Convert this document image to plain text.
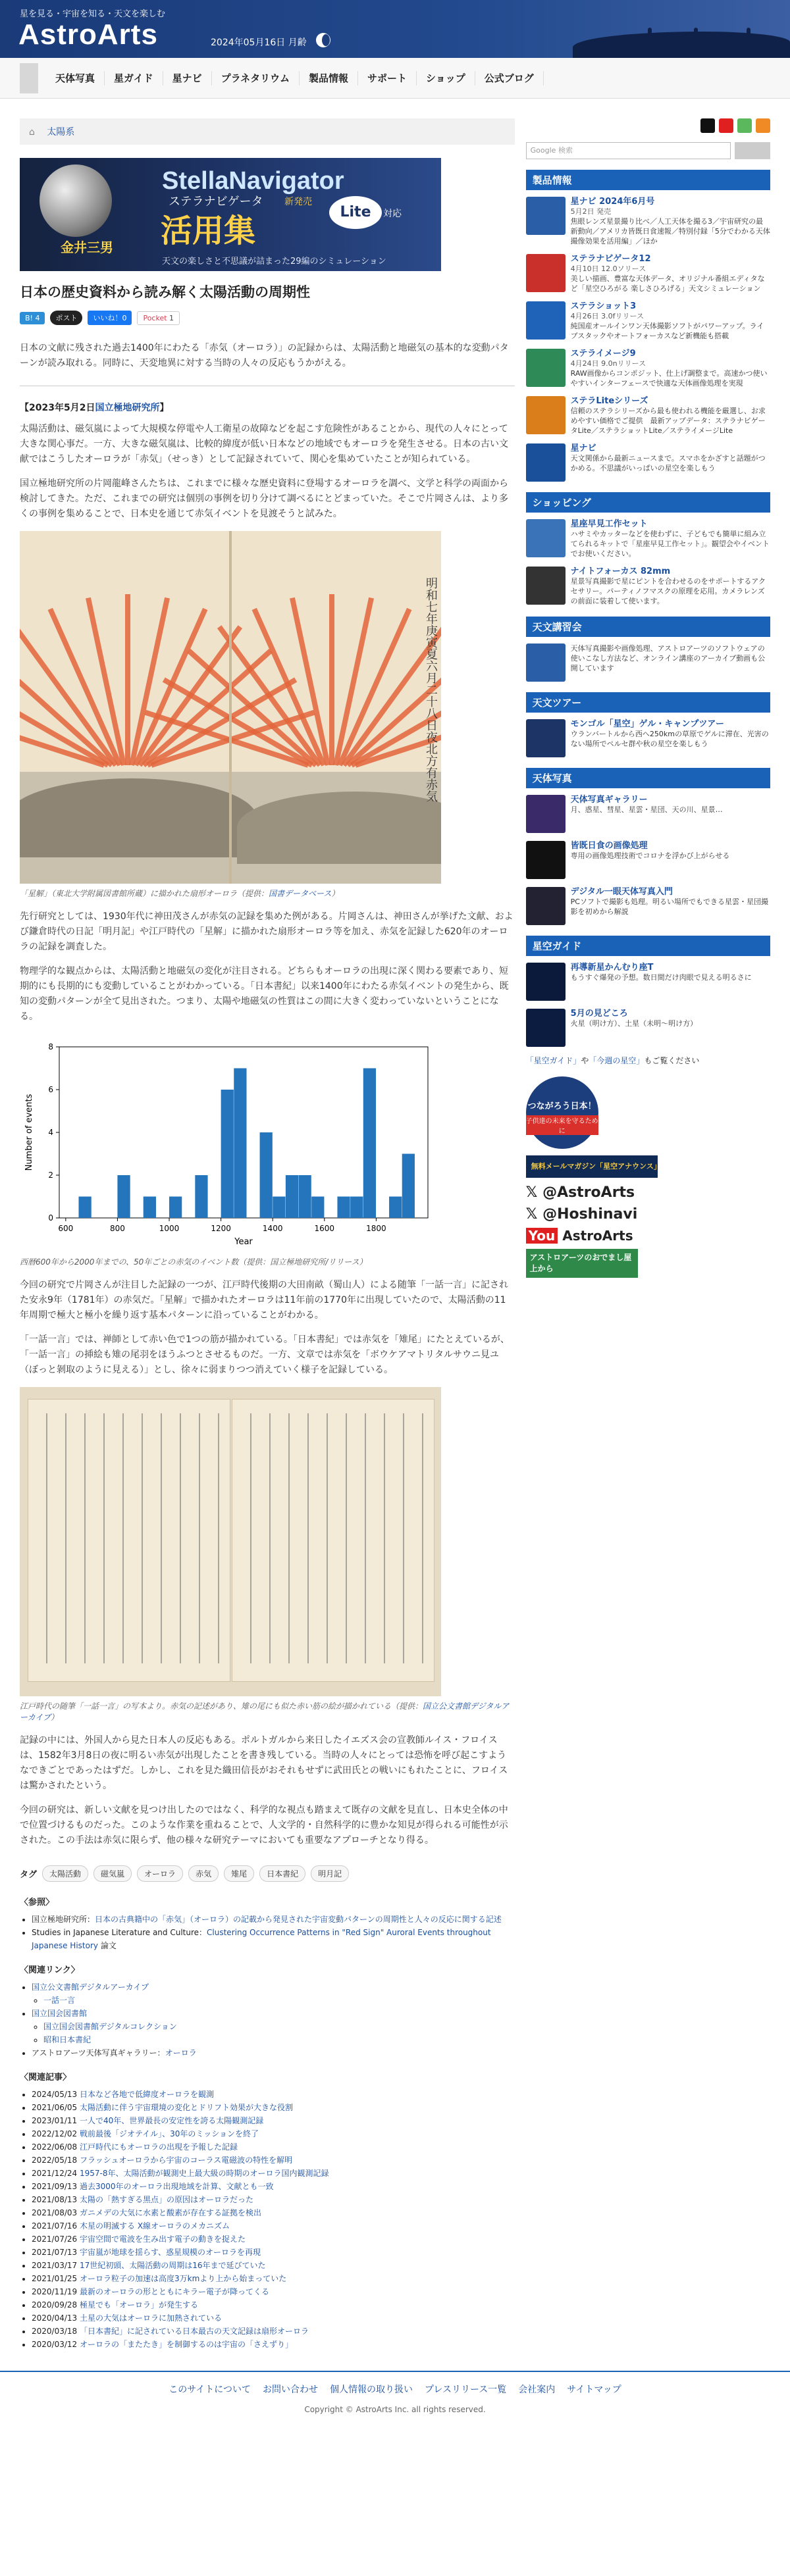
星を見る・宇宙を知る・天文を楽しむ
AstroArts	2024年05月16日 月齢
天体写真	星ガイド	星ナビ	プラネタリウム	製品情報	サポート	ショップ	公式ブログ
⌂ 太陽系
金井三男
StellaNavigator
ステラナビゲータ
活用集
新発売
Lite	対応
天文の楽しさと不思議が詰まった29編のシミュレーション
日本の歴史資料から読み解く太陽活動の周期性
B! 4	ポスト	いいね！0	Pocket 1
日本の文献に残された過去1400年にわたる「赤気（オーロラ）」の記録からは、太陽活動と地磁気の基本的な変動パターンが読み取れる。同時に、天変地異に対する当時の人々の反応もうかがえる。
【2023年5月2日国立極地研究所】

太陽活動は、磁気嵐によって大規模な停電や人工衛星の故障などを起こす危険性があることから、現代の人々にとって大きな関心事だ。一方、大きな磁気嵐は、比較的緯度が低い日本などの地域でもオーロラを発生させる。日本の古い文献ではこうしたオーロラが「赤気」（せっき）として記録されていて、関心を集めていたことが知られている。

国立極地研究所の片岡龍峰さんたちは、これまでに様々な歴史資料に登場するオーロラを調べ、文学と科学の両面から検討してきた。ただ、これまでの研究は個別の事例を切り分けて調べるにとどまっていた。そこで片岡さんは、より多くの事例を集めることで、日本史を通じて赤気イベントを見渡そうと試みた。

明和七年庚寅夏六月二十八日夜北方有赤気
「星解」（東北大学附属図書館所蔵）に描かれた扇形オーロラ（提供：国書データベース）

先行研究としては、1930年代に神田茂さんが赤気の記録を集めた例がある。片岡さんは、神田さんが挙げた文献、および鎌倉時代の日記「明月記」や江戸時代の「星解」に描かれた扇形オーロラ等を加え、赤気を記録した620年のオーロラの記録を調査した。

物理学的な観点からは、太陽活動と地磁気の変化が注目される。どちらもオーロラの出現に深く関わる要素であり、短期的にも長期的にも変動していることがわかっている。「日本書紀」以来1400年にわたる赤気イベントの発生から、既知の変動パターンが全て見出された。つまり、太陽や地磁気の性質はこの間に大きく変わっていないということになる。

600	800	1000	1200	1400	1600	1800
0
2
4
6
8
Year
Number of events
西暦600年から2000年までの、50年ごとの赤気のイベント数（提供：国立極地研究所/リリース）

今回の研究で片岡さんが注目した記録の一つが、江戸時代後期の大田南畝（蜀山人）による随筆「一話一言」に記された安永9年（1781年）の赤気だ。「星解」で描かれたオーロラは11年前の1770年に出現していたので、太陽活動の11年周期で極大と極小を繰り返す基本パターンに沿っていることがわかる。

「一話一言」では、禅師として赤い色で1つの筋が描かれている。「日本書紀」では赤気を「雉尾」にたとえているが、「一話一言」の挿絵も雉の尾羽をほうふつとさせるものだ。一方、文章では赤気を「ボウケアマトリタルサウニ見ユ（ぼっと剝取のように見える）」とし、徐々に弱まりつつ消えていく様子を記録している。

江戸時代の随筆「一話一言」の写本より。赤気の記述があり、雉の尾にも似た赤い筋の絵が描かれている（提供：国立公文書館デジタルアーカイブ）

記録の中には、外国人から見た日本人の反応もある。ポルトガルから来日したイエズス会の宣教師ルイス・フロイスは、1582年3月8日の夜に明るい赤気が出現したことを書き残している。当時の人々にとっては恐怖を呼び起こすようなできごとであったはずだ。しかし、これを見た織田信長がおそれもせずに武田氏との戦いにもれたことに、フロイスは驚かされたという。

今回の研究は、新しい文献を見つけ出したのではなく、科学的な視点も踏まえて既存の文献を見直し、日本史全体の中で位置づけるものだった。このような作業を重ねることで、人文学的・自然科学的に豊かな知見が得られる可能性が示された。この手法は赤気に限らず、他の様々な研究テーマにおいても重要なアプローチとなり得る。

タグ	太陽活動	磁気嵐	オーロラ	赤気	雉尾	日本書紀	明月記
〈参照〉
• 国立極地研究所：日本の古典籍中の「赤気」（オーロラ）の記載から発見された宇宙変動パターンの周期性と人々の反応に関する記述
• Studies in Japanese Literature and Culture：Clustering Occurrence Patterns in "Red Sign" Auroral Events throughout Japanese History 論文
〈関連リンク〉
• 国立公文書館デジタルアーカイブ
◦ 一話一言
• 国立国会図書館
◦ 国立国会図書館デジタルコレクション
◦ 昭和日本書紀
• アストロアーツ天体写真ギャラリー：オーロラ
〈関連記事〉
• 2024/05/13 日本など各地で低緯度オーロラを観測
• 2021/06/05 太陽活動に伴う宇宙環境の変化とドリフト効果が大きな役割
• 2023/01/11 一人で40年、世界最長の安定性を誇る太陽観測記録
• 2022/12/02 戦前最後「ジオテイル」、30年のミッションを終了
• 2022/06/08 江戸時代にもオーロラの出現を予報した記録
• 2022/05/18 フラッシュオーロラから宇宙のコーラス電磁波の特性を解明
• 2021/12/24 1957-8年、太陽活動が観測史上最大級の時期のオーロラ国内観測記録
• 2021/09/13 過去3000年のオーロラ出現地域を計算、文献とも一致
• 2021/08/13 太陽の「熱すぎる黒点」の原因はオーロラだった
• 2021/08/03 ガニメデの大気に水素と酸素が存在する証拠を検出
• 2021/07/16 木星の明滅する X線オーロラのメカニズム
• 2021/07/26 宇宙空間で電波を生み出す電子の動きを捉えた
• 2021/07/13 宇宙嵐が地球を揺らす、惑星規模のオーロラを再現
• 2021/03/17 17世紀初頭、太陽活動の周期は16年まで延びていた
• 2021/01/25 オーロラ粒子の加速は高度3万kmより上から始まっていた
• 2020/11/19 最新のオーロラの形とともにキラー電子が降ってくる
• 2020/09/28 極星でも「オーロラ」が発生する
• 2020/04/13 土星の大気はオーロラに加熱されている
• 2020/03/18 「日本書紀」に記されている日本最古の天文記録は扇形オーロラ
• 2020/03/12 オーロラの「またたき」を制御するのは宇宙の「さえずり」
Google 検索
製品情報
星ナビ 2024年6月号
5月2日 発売
焦眼レンズ星景撮り比べ／人工天体を撮る3／宇宙研究の最新動向／アメリカ皆既日食速報／特別付録「5分でわかる天体撮像効果を活用編」／ほか
ステラナビゲータ12
4月10日 12.0ソリース
美しい描画、豊富な天体データ、オリジナル番組エディタなど「星空ひろがる 楽しさひろげる」天文シミュレーション
ステラショット3
4月26日 3.0fリリース
純国産オールインワン天体撮影ソフトがパワーアップ。ライブスタックやオートフォーカスなど新機能も搭載
ステライメージ9
4月24日 9.0nリリース
RAW画像からコンポジット、仕上げ調整まで。高速かつ使いやすいインターフェースで快適な天体画像処理を実現
ステラLiteシリーズ
信頼のステラシリーズから最も使われる機能を厳選し、お求めやすい価格でご提供　最新アップデータ：ステラナビゲータLite／ステラショットLite／ステライメージLite
星ナビ
天文関係から最新ニュースまで。スマホをかざすと話題がつかめる。不思議がいっぱいの星空を楽しもう
ショッピング
星座早見工作セット
ハサミやカッターなどを使わずに、子どもでも簡単に組み立てられるキットで「星座早見工作セット」。観望会やイベントでお使いください。
ナイトフォーカス 82mm
星景写真撮影で星にピントを合わせるのをサポートするアクセサリー。パーティノフマスクの原理を応用。カメラレンズの前面に装着して使います。
天文講習会
天体写真撮影や画像処理、アストロアーツのソフトウェアの使いこなし方法など、オンライン講座のアーカイブ動画も公開しています
天文ツアー
モンゴル「星空」ゲル・キャンプツアー
ウランバートルから西へ250kmの草原でゲルに滞在、光害のない場所でペルセ群や秋の星空を楽しもう
天体写真
天体写真ギャラリー
月、惑星、彗星、星雲・星団、天の川、星景…
皆既日食の画像処理
専用の画像処理技術でコロナを浮かび上がらせる
デジタル一眼天体写真入門
PCソフトで撮影も処理。明るい場所でもできる星雲・星団撮影を初めから解説
星空ガイド
再導新星かんむり座T
もうすぐ爆発の予想。数日間だけ肉眼で見える明るさに
5月の見どころ
火星（明け方）、土星（未明〜明け方）
「星空ガイド」や「今週の星空」もご覧ください
つながろう日本！
子供達の未来を守るために
無料メールマガジン「星空アナウンス」
𝕏 @AstroArts
𝕏 @Hoshinavi
You AstroArts
アストロアーツのおでまし屋上から
このサイトについて お問い合わせ 個人情報の取り扱い プレスリリース一覧 会社案内 サイトマップ
Copyright © AstroArts Inc. all rights reserved.
